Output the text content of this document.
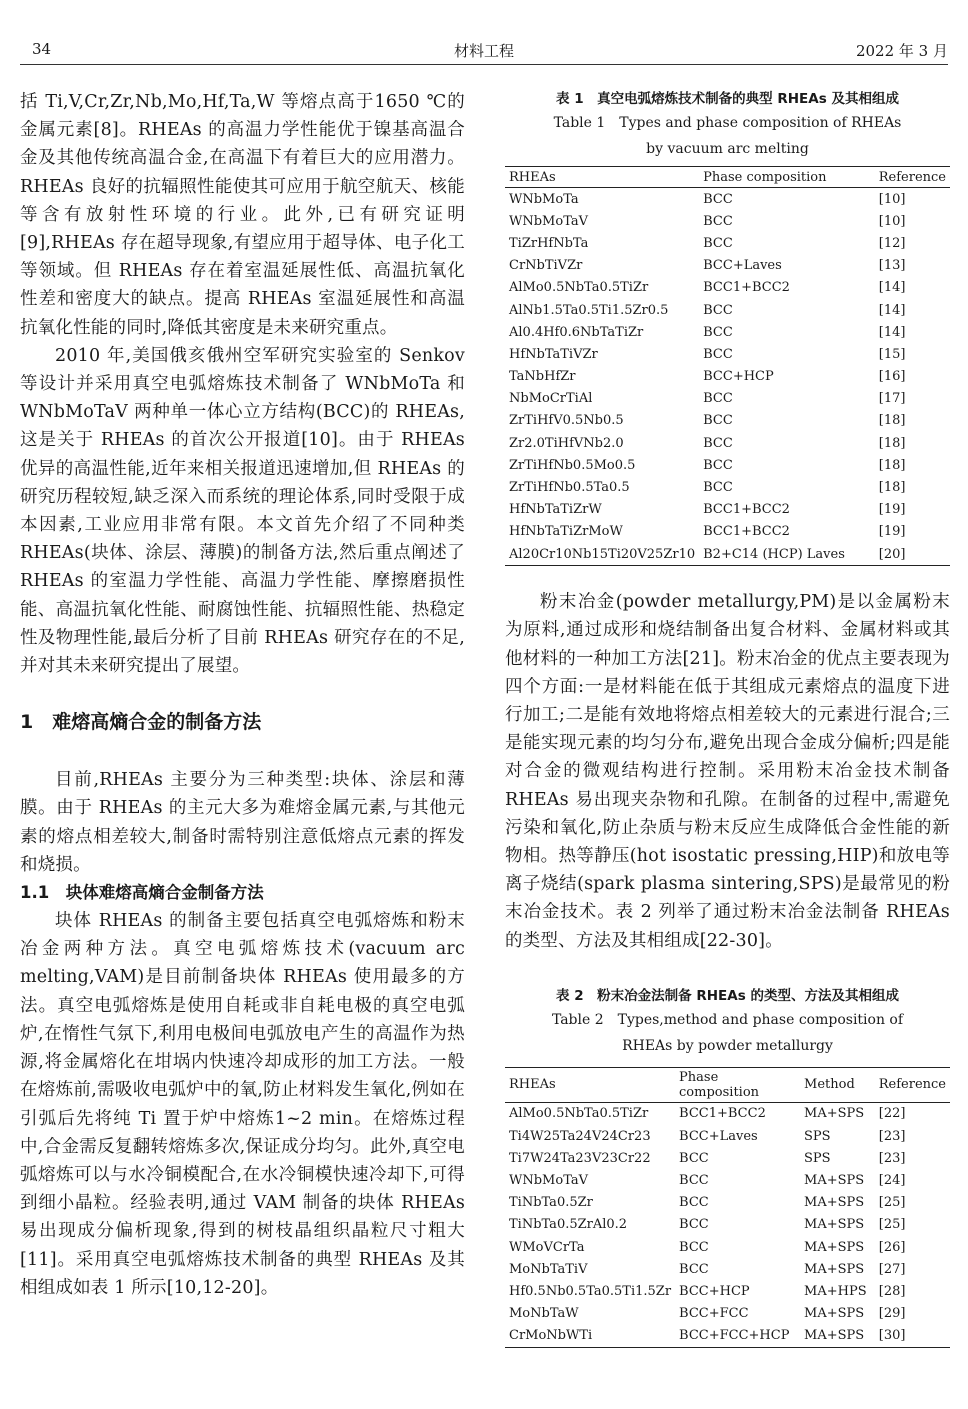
34	材料工程	2022 年 3 月

括 Ti,V,Cr,Zr,Nb,Mo,Hf,Ta,W 等熔点高于1650 ℃的金属元素[8]。RHEAs 的高温力学性能优于镍基高温合金及其他传统高温合金,在高温下有着巨大的应用潜力。RHEAs 良好的抗辐照性能使其可应用于航空航天、核能等含有放射性环境的行业。此外,已有研究证明[9],RHEAs 存在超导现象,有望应用于超导体、电子化工等领域。但 RHEAs 存在着室温延展性低、高温抗氧化性差和密度大的缺点。提高 RHEAs 室温延展性和高温抗氧化性能的同时,降低其密度是未来研究重点。

2010 年,美国俄亥俄州空军研究实验室的 Senkov 等设计并采用真空电弧熔炼技术制备了 WNbMoTa 和 WNbMoTaV 两种单一体心立方结构(BCC)的 RHEAs,这是关于 RHEAs 的首次公开报道[10]。由于 RHEAs 优异的高温性能,近年来相关报道迅速增加,但 RHEAs 的研究历程较短,缺乏深入而系统的理论体系,同时受限于成本因素,工业应用非常有限。本文首先介绍了不同种类 RHEAs(块体、涂层、薄膜)的制备方法,然后重点阐述了 RHEAs 的室温力学性能、高温力学性能、摩擦磨损性能、高温抗氧化性能、耐腐蚀性能、抗辐照性能、热稳定性及物理性能,最后分析了目前 RHEAs 研究存在的不足,并对其未来研究提出了展望。

1　难熔高熵合金的制备方法

目前,RHEAs 主要分为三种类型:块体、涂层和薄膜。由于 RHEAs 的主元大多为难熔金属元素,与其他元素的熔点相差较大,制备时需特别注意低熔点元素的挥发和烧损。

1.1　块体难熔高熵合金制备方法

块体 RHEAs 的制备主要包括真空电弧熔炼和粉末冶金两种方法。真空电弧熔炼技术(vacuum arc melting,VAM)是目前制备块体 RHEAs 使用最多的方法。真空电弧熔炼是使用自耗或非自耗电极的真空电弧炉,在惰性气氛下,利用电极间电弧放电产生的高温作为热源,将金属熔化在坩埚内快速冷却成形的加工方法。一般在熔炼前,需吸收电弧炉中的氧,防止材料发生氧化,例如在引弧后先将纯 Ti 置于炉中熔炼1~2 min。在熔炼过程中,合金需反复翻转熔炼多次,保证成分均匀。此外,真空电弧熔炼可以与水冷铜模配合,在水冷铜模快速冷却下,可得到细小晶粒。经验表明,通过 VAM 制备的块体 RHEAs 易出现成分偏析现象,得到的树枝晶组织晶粒尺寸粗大[11]。采用真空电弧熔炼技术制备的典型 RHEAs 及其相组成如表 1 所示[10,12-20]。

表 1　真空电弧熔炼技术制备的典型 RHEAs 及其相组成
Table 1　Types and phase composition of RHEAs
by vacuum arc melting
RHEAs	Phase composition	Reference
WNbMoTa	BCC	[10]
WNbMoTaV	BCC	[10]
TiZrHfNbTa	BCC	[12]
CrNbTiVZr	BCC+Laves	[13]
AlMo0.5NbTa0.5TiZr	BCC1+BCC2	[14]
AlNb1.5Ta0.5Ti1.5Zr0.5	BCC	[14]
Al0.4Hf0.6NbTaTiZr	BCC	[14]
HfNbTaTiVZr	BCC	[15]
TaNbHfZr	BCC+HCP	[16]
NbMoCrTiAl	BCC	[17]
ZrTiHfV0.5Nb0.5	BCC	[18]
Zr2.0TiHfVNb2.0	BCC	[18]
ZrTiHfNb0.5Mo0.5	BCC	[18]
ZrTiHfNb0.5Ta0.5	BCC	[18]
HfNbTaTiZrW	BCC1+BCC2	[19]
HfNbTaTiZrMoW	BCC1+BCC2	[19]
Al20Cr10Nb15Ti20V25Zr10	B2+C14 (HCP) Laves	[20]

粉末冶金(powder metallurgy,PM)是以金属粉末为原料,通过成形和烧结制备出复合材料、金属材料或其他材料的一种加工方法[21]。粉末冶金的优点主要表现为四个方面:一是材料能在低于其组成元素熔点的温度下进行加工;二是能有效地将熔点相差较大的元素进行混合;三是能实现元素的均匀分布,避免出现合金成分偏析;四是能对合金的微观结构进行控制。采用粉末冶金技术制备 RHEAs 易出现夹杂物和孔隙。在制备的过程中,需避免污染和氧化,防止杂质与粉末反应生成降低合金性能的新物相。热等静压(hot isostatic pressing,HIP)和放电等离子烧结(spark plasma sintering,SPS)是最常见的粉末冶金技术。表 2 列举了通过粉末冶金法制备 RHEAs 的类型、方法及其相组成[22-30]。

表 2　粉末冶金法制备 RHEAs 的类型、方法及其相组成
Table 2　Types,method and phase composition of
RHEAs by powder metallurgy
RHEAs	Phase composition	Method	Reference
AlMo0.5NbTa0.5TiZr	BCC1+BCC2	MA+SPS	[22]
Ti4W25Ta24V24Cr23	BCC+Laves	SPS	[23]
Ti7W24Ta23V23Cr22	BCC	SPS	[23]
WNbMoTaV	BCC	MA+SPS	[24]
TiNbTa0.5Zr	BCC	MA+SPS	[25]
TiNbTa0.5ZrAl0.2	BCC	MA+SPS	[25]
WMoVCrTa	BCC	MA+SPS	[26]
MoNbTaTiV	BCC	MA+SPS	[27]
Hf0.5Nb0.5Ta0.5Ti1.5Zr	BCC+HCP	MA+HPS	[28]
MoNbTaW	BCC+FCC	MA+SPS	[29]
CrMoNbWTi	BCC+FCC+HCP	MA+SPS	[30]
